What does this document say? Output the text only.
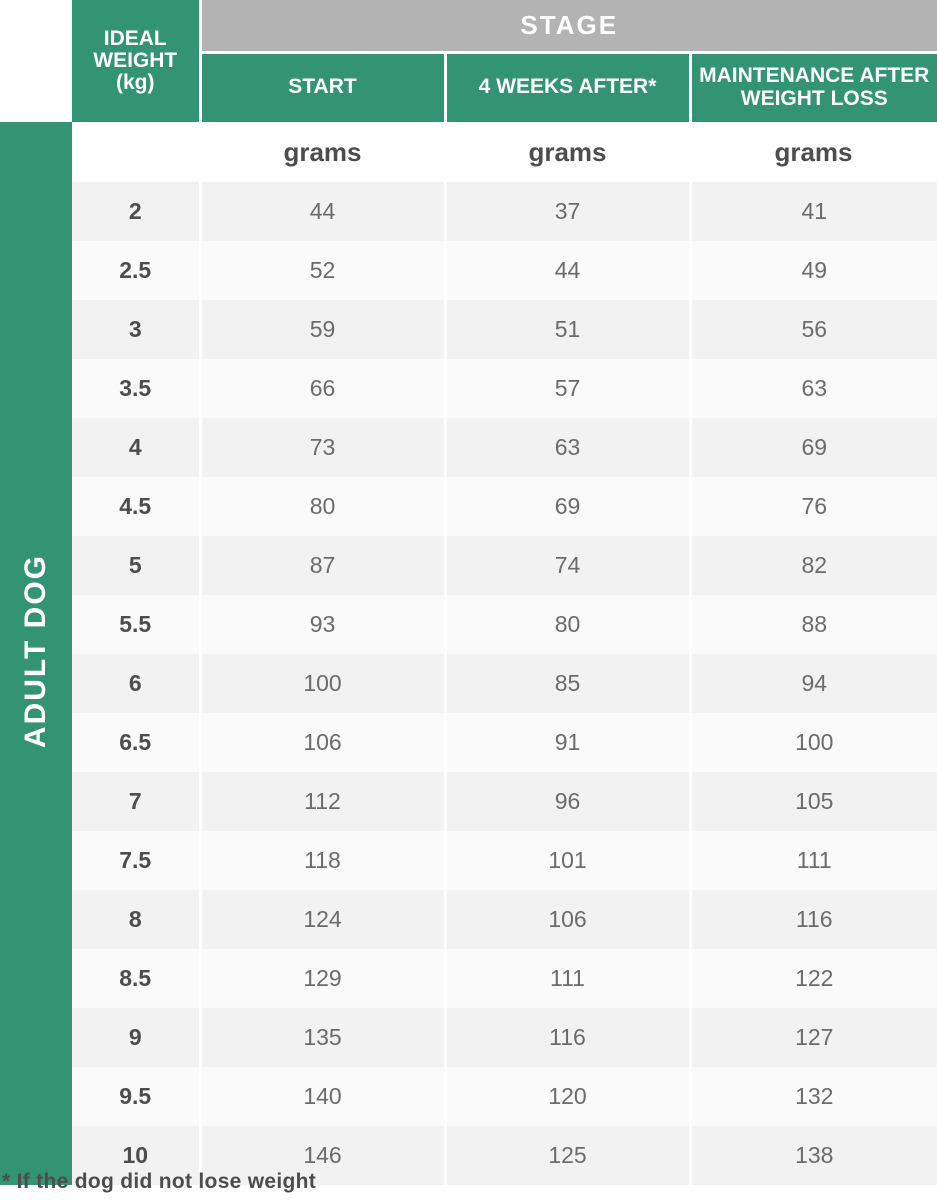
	IDEAL
WEIGHT
(kg)	STAGE		
		START	4 WEEKS AFTER*	MAINTENANCE AFTER
WEIGHT LOSS

ADULT DOG		grams	grams	grams
	2	44	37	41
	2.5	52	44	49
	3	59	51	56
	3.5	66	57	63
	4	73	63	69
	4.5	80	69	76
	5	87	74	82
	5.5	93	80	88
	6	100	85	94
	6.5	106	91	100
	7	112	96	105
	7.5	118	101	111
	8	124	106	116
	8.5	129	111	122
	9	135	116	127
	9.5	140	120	132
	10	146	125	138
* If the dog did not lose weight
